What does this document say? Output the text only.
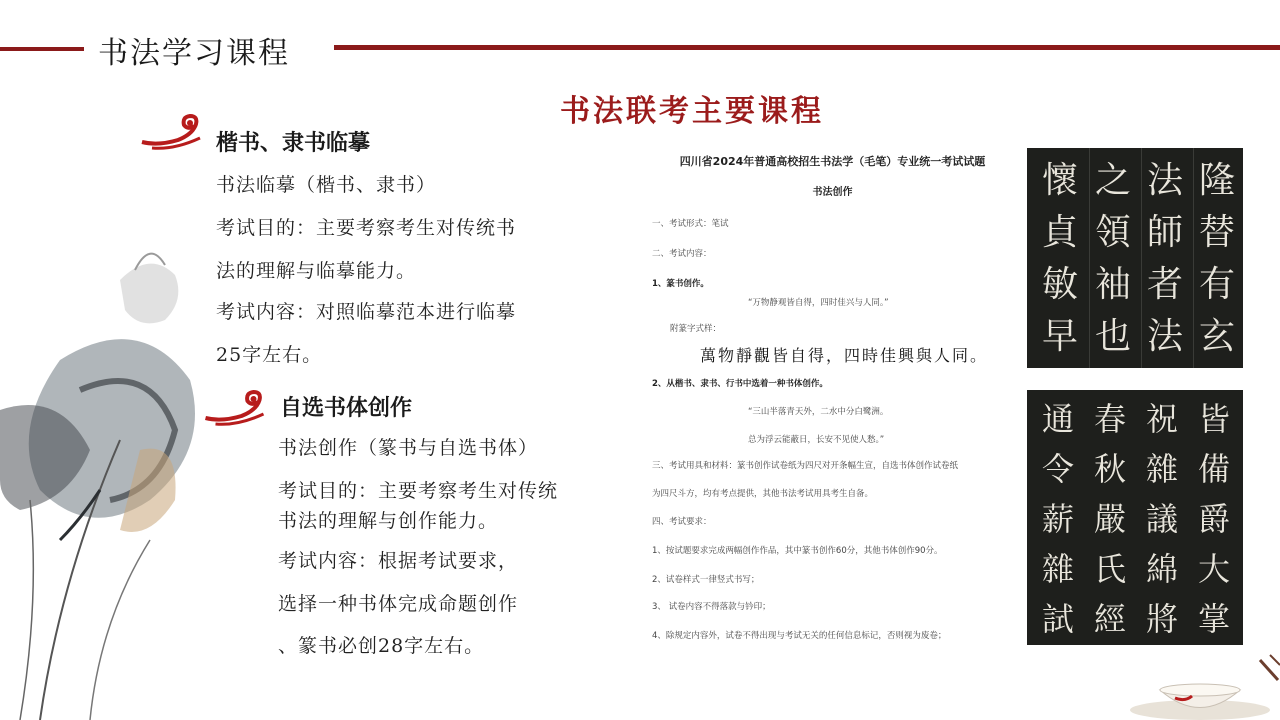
书法学习课程
书法联考主要课程
楷书、隶书临摹
书法临摹（楷书、隶书）
考试目的：主要考察考生对传统书
法的理解与临摹能力。
考试内容：对照临摹范本进行临摹
25字左右。
自选书体创作
书法创作（篆书与自选书体）
考试目的：主要考察考生对传统
书法的理解与创作能力。
考试内容：根据考试要求，
选择一种书体完成命题创作
、篆书必创28字左右。
四川省2024年普通高校招生书法学（毛笔）专业统一考试试题
书法创作
一、考试形式：笔试
二、考试内容：
1、篆书创作。
“万物静观皆自得，四时佳兴与人同。”
附篆字式样：
萬物靜觀皆自得，四時佳興與人同。
2、从楷书、隶书、行书中选着一种书体创作。
“三山半落青天外，二水中分白鹭洲。
总为浮云能蔽日，长安不见使人愁。”
三、考试用具和材料：篆书创作试卷纸为四尺对开条幅生宣，自选书体创作试卷纸
为四尺斗方，均有考点提供，其他书法考试用具考生自备。
四、考试要求：
1、按试题要求完成两幅创作作品，其中篆书创作60分，其他书体创作90分。
2、试卷样式一律竖式书写；
3、 试卷内容不得落款与钤印；
4、除规定内容外，试卷不得出现与考试无关的任何信息标记，否则视为废卷；
隆
替
有
玄
法
師
者
法
之
領
袖
也
懷
貞
敏
早
皆
備
爵
大
掌
祝
雜
議
綿
將
春
秋
嚴
氏
經
通
令
薪
雜
試
